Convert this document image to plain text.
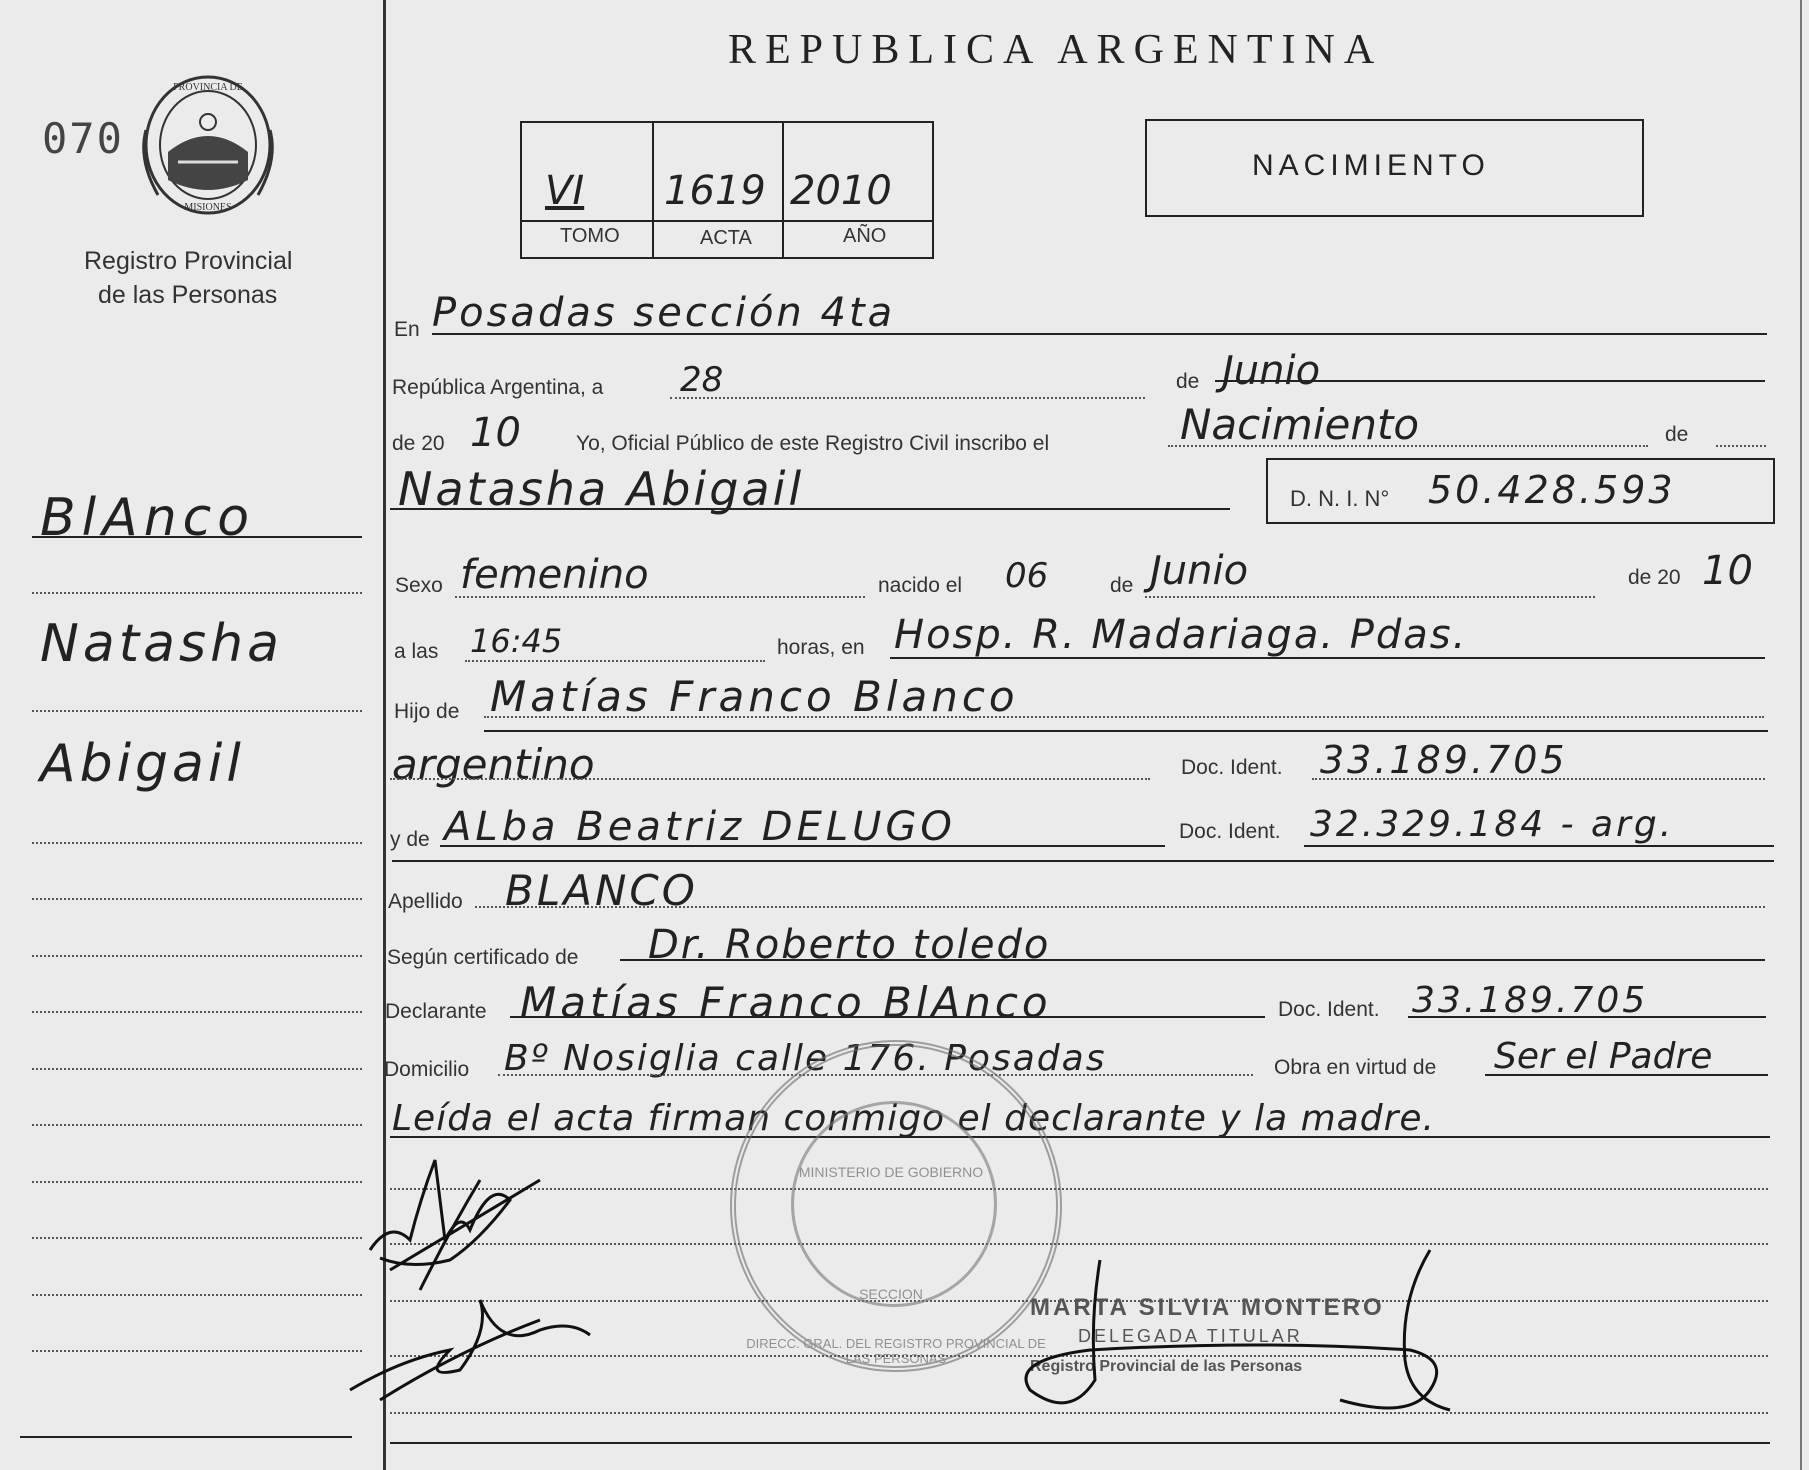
070
PROVINCIA DE
MISIONES
Registro Provincial
de las Personas
BlAnco
Natasha
Abigail
REPUBLICA ARGENTINA
VI 1619 2010
TOMO	ACTA	AÑO
NACIMIENTO
En Posadas sección 4ta
República Argentina, a 28	de Junio
de 20 10	Yo, Oficial Público de este Registro Civil inscribo el	Nacimiento	de
Natasha Abigail	D. N. I. N° 50.428.593
Sexo femenino	nacido el 06	de Junio	de 20 10
a las 16:45	horas, en Hosp. R. Madariaga. Pdas.
Hijo de Matías Franco Blanco
argentino	Doc. Ident. 33.189.705
y de ALba Beatriz DELUGO	Doc. Ident. 32.329.184 - arg.
Apellido BLANCO
Según certificado de Dr. Roberto toledo
Declarante Matías Franco BlAnco	Doc. Ident. 33.189.705
Domicilio Bº Nosiglia calle 176. Posadas	Obra en virtud de Ser el Padre
Leída el acta firman conmigo el declarante y la madre.
DIRECC. GRAL. DEL REGISTRO PROVINCIAL DE LAS PERSONAS
MINISTERIO DE GOBIERNO
SECCION	MARTA SILVIA MONTERO
DELEGADA TITULAR
Registro Provincial de las Personas
